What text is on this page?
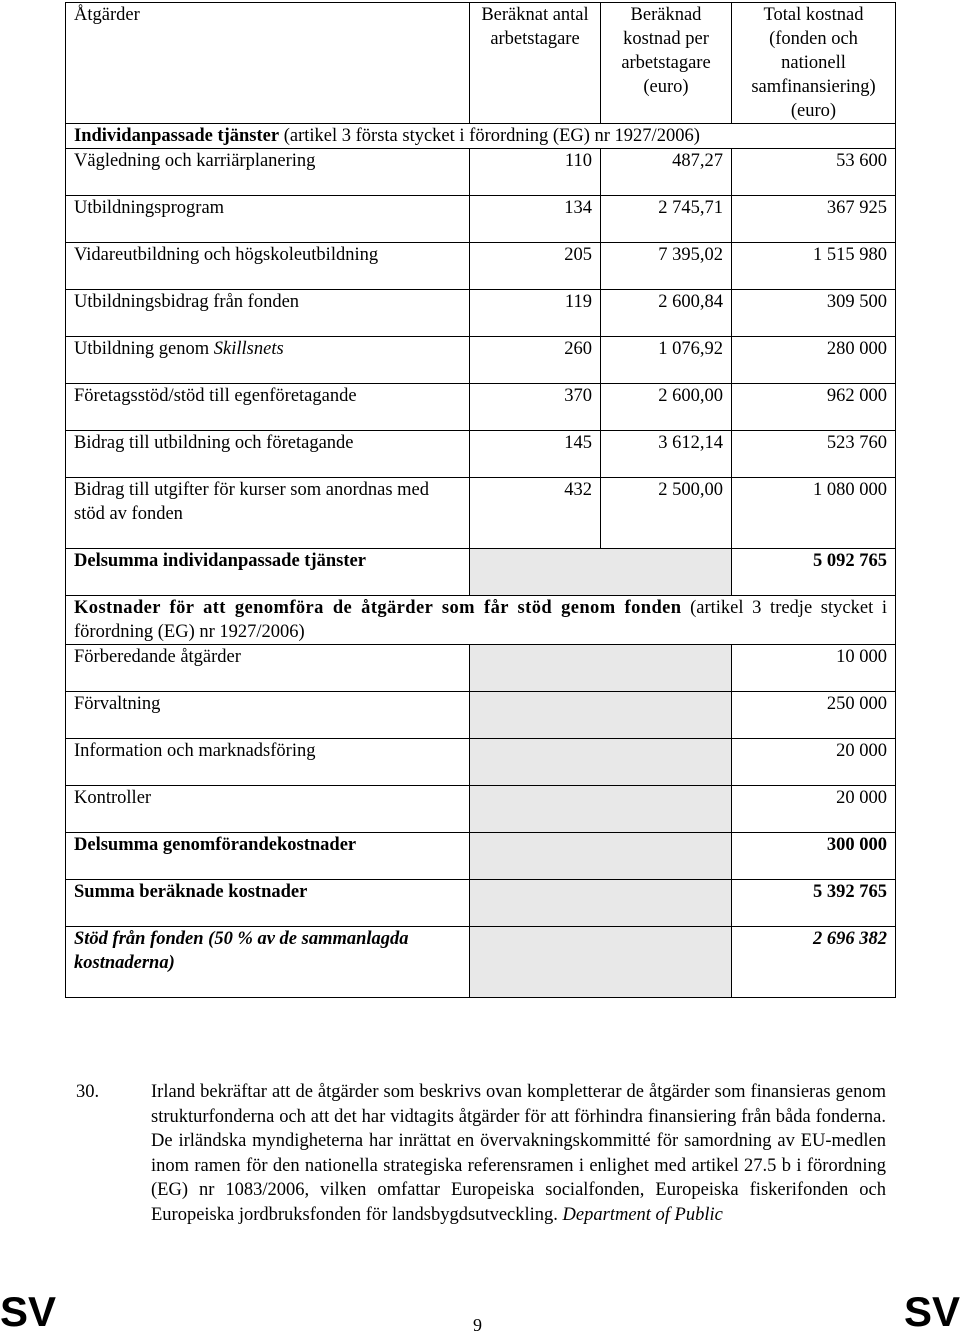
Åtgärder	Beräknat antal arbetstagare	Beräknad kostnad per arbetstagare (euro)	Total kostnad (fonden och nationell samfinansiering) (euro)
Individanpassade tjänster (artikel 3 första stycket i förordning (EG) nr 1927/2006)			
Vägledning och karriärplanering	110	487,27	53 600
Utbildningsprogram	134	2 745,71	367 925
Vidareutbildning och högskoleutbildning	205	7 395,02	1 515 980
Utbildningsbidrag från fonden	119	2 600,84	309 500
Utbildning genom Skillsnets	260	1 076,92	280 000
Företagsstöd/stöd till egenföretagande	370	2 600,00	962 000
Bidrag till utbildning och företagande	145	3 612,14	523 760
Bidrag till utgifter för kurser som anordnas med stöd av fonden	432	2 500,00	1 080 000
Delsumma individanpassade tjänster			5 092 765
Kostnader för att genomföra de åtgärder som får stöd genom fonden (artikel 3 tredje stycket i förordning (EG) nr 1927/2006)			
Förberedande åtgärder			10 000
Förvaltning			250 000
Information och marknadsföring			20 000
Kontroller			20 000
Delsumma genomförandekostnader			300 000
Summa beräknade kostnader			5 392 765
Stöd från fonden (50 % av de sammanlagda kostnaderna)			2 696 382
30.	Irland bekräftar att de åtgärder som beskrivs ovan kompletterar de åtgärder som finansieras genom strukturfonderna och att det har vidtagits åtgärder för att förhindra finansiering från båda fonderna. De irländska myndigheterna har inrättat en övervakningskommitté för samordning av EU-medlen inom ramen för den nationella strategiska referensramen i enlighet med artikel 27.5 b i förordning (EG) nr 1083/2006, vilken omfattar Europeiska socialfonden, Europeiska fiskerifonden och Europeiska jordbruksfonden för landsbygdsutveckling. Department of Public
SV	9	SV
